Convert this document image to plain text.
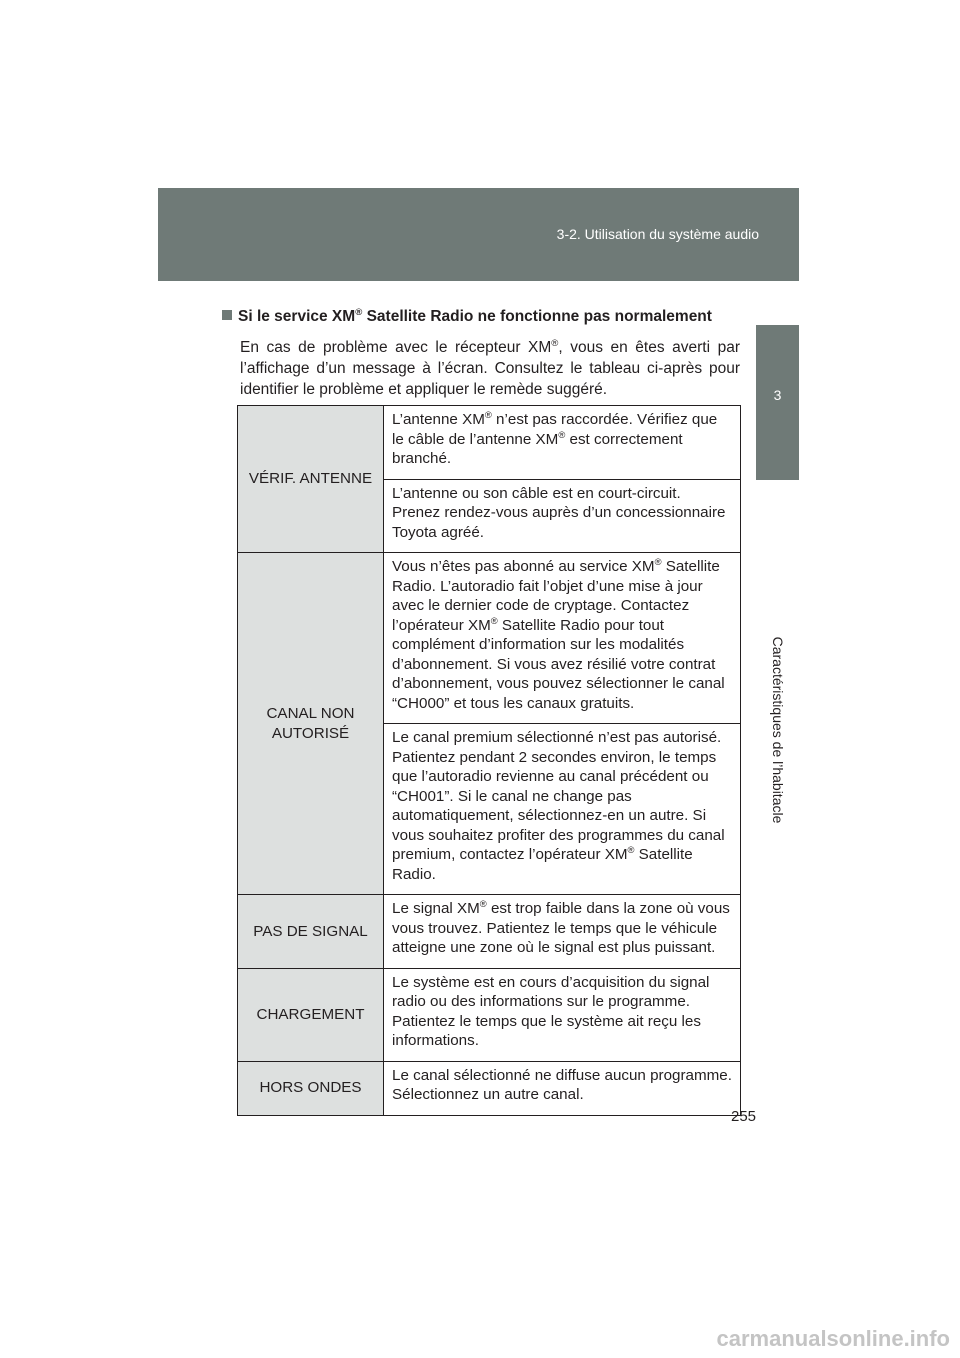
3-2. Utilisation du système audio
3
Caractéristiques de l’habitacle
Si le service XM® Satellite Radio ne fonctionne pas normalement
En cas de problème avec le récepteur XM®, vous en êtes averti par l’affichage d’un message à l’écran. Consultez le tableau ci-après pour identifier le problème et appliquer le remède suggéré.
VÉRIF. ANTENNE	L’antenne XM® n’est pas raccordée. Vérifiez que le câble de l’antenne XM® est correctement branché.
	L’antenne ou son câble est en court-circuit. Prenez rendez-vous auprès d’un concessionnaire Toyota agréé.
CANAL NON AUTORISÉ	Vous n’êtes pas abonné au service XM® Satellite Radio. L’autoradio fait l’objet d’une mise à jour avec le dernier code de cryptage. Contactez l’opérateur XM® Satellite Radio pour tout complément d’information sur les modalités d’abonnement. Si vous avez résilié votre contrat d’abonnement, vous pouvez sélectionner le canal “CH000” et tous les canaux gratuits.
	Le canal premium sélectionné n’est pas autorisé. Patientez pendant 2 secondes environ, le temps que l’autoradio revienne au canal précédent ou “CH001”. Si le canal ne change pas automatiquement, sélectionnez-en un autre. Si vous souhaitez profiter des programmes du canal premium, contactez l’opérateur XM® Satellite Radio.
PAS DE SIGNAL	Le signal XM® est trop faible dans la zone où vous vous trouvez. Patientez le temps que le véhicule atteigne une zone où le signal est plus puissant.
CHARGEMENT	Le système est en cours d’acquisition du signal radio ou des informations sur le programme. Patientez le temps que le système ait reçu les informations.
HORS ONDES	Le canal sélectionné ne diffuse aucun programme. Sélectionnez un autre canal.
255
carmanualsonline.info
